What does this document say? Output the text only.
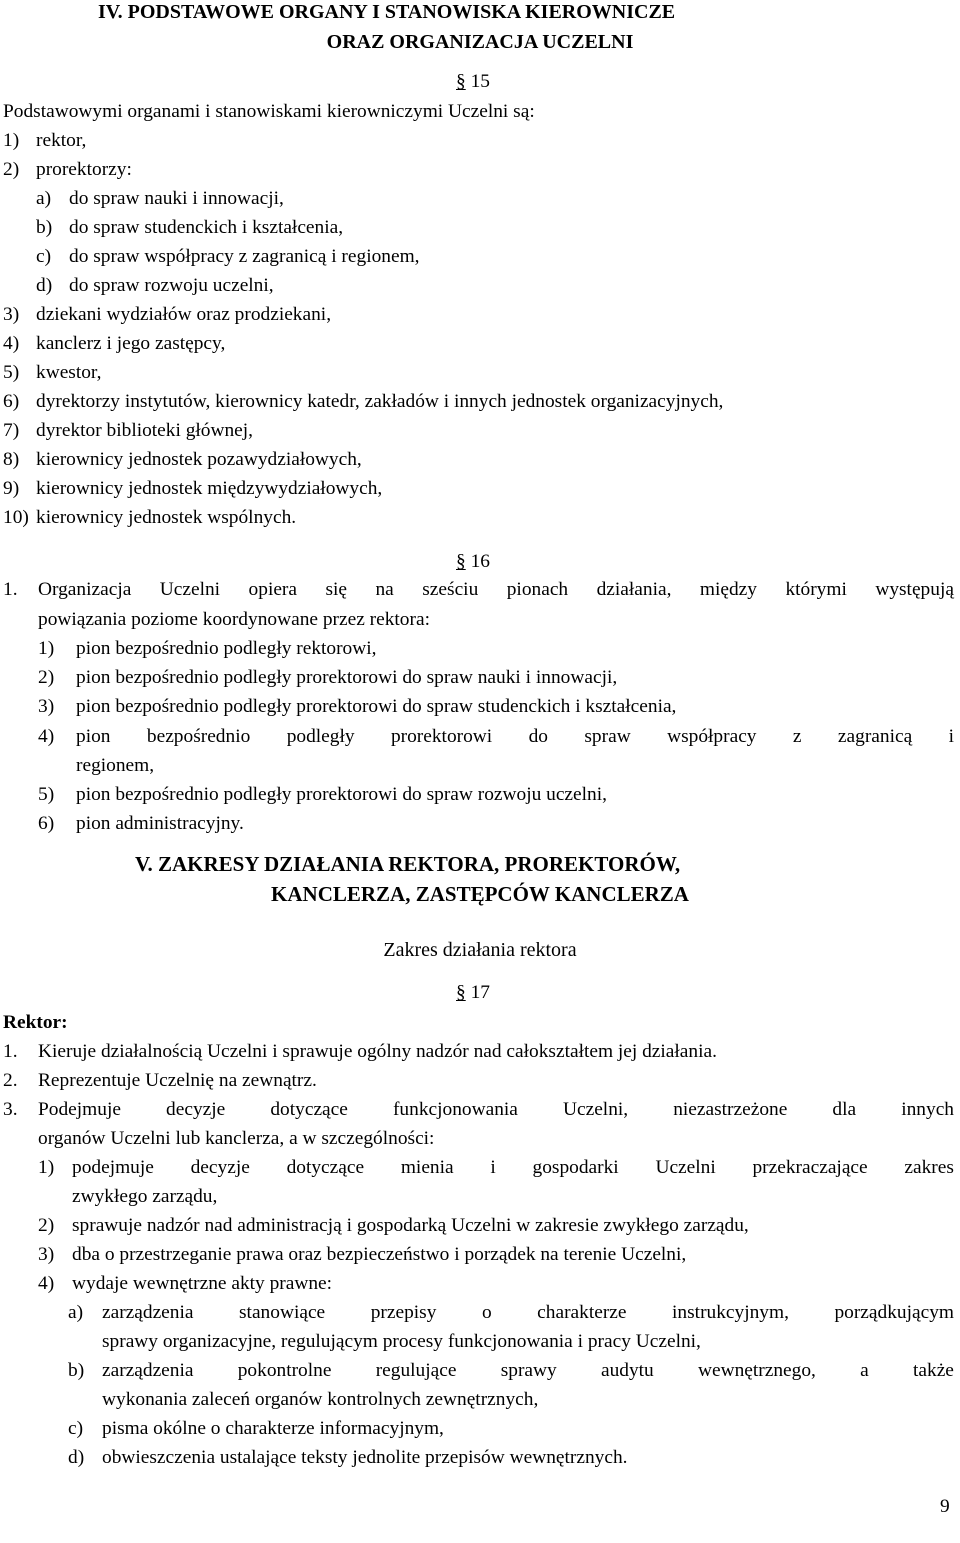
IV. PODSTAWOWE ORGANY I STANOWISKA KIEROWNICZE
ORAZ ORGANIZACJA UCZELNI
§ 15
Podstawowymi organami i stanowiskami kierowniczymi Uczelni są:
1) rektor,
2) prorektorzy:
a) do spraw nauki i innowacji,
b) do spraw studenckich i kształcenia,
c) do spraw współpracy z zagranicą i regionem,
d) do spraw rozwoju uczelni,
3) dziekani wydziałów oraz prodziekani,
4) kanclerz i jego zastępcy,
5) kwestor,
6) dyrektorzy instytutów, kierownicy katedr, zakładów i innych jednostek organizacyjnych,
7) dyrektor biblioteki głównej,
8) kierownicy jednostek pozawydziałowych,
9) kierownicy jednostek międzywydziałowych,
10) kierownicy jednostek wspólnych.
§ 16
1. Organizacja Uczelni opiera się na sześciu pionach działania, między którymi występują
powiązania poziome koordynowane przez rektora:
1) pion bezpośrednio podległy rektorowi,
2) pion bezpośrednio podległy prorektorowi do spraw nauki i innowacji,
3) pion bezpośrednio podległy prorektorowi do spraw studenckich i kształcenia,
4) pion bezpośrednio podległy prorektorowi do spraw współpracy z zagranicą i
regionem,
5) pion bezpośrednio podległy prorektorowi do spraw rozwoju uczelni,
6) pion administracyjny.
V. ZAKRESY DZIAŁANIA REKTORA, PROREKTORÓW,
KANCLERZA, ZASTĘPCÓW KANCLERZA
Zakres działania rektora
§ 17
Rektor:
1. Kieruje działalnością Uczelni i sprawuje ogólny nadzór nad całokształtem jej działania.
2. Reprezentuje Uczelnię na zewnątrz.
3. Podejmuje decyzje dotyczące funkcjonowania Uczelni, niezastrzeżone dla innych
organów Uczelni lub kanclerza, a w szczególności:
1) podejmuje decyzje dotyczące mienia i gospodarki Uczelni przekraczające zakres
zwykłego zarządu,
2) sprawuje nadzór nad administracją i gospodarką Uczelni w zakresie zwykłego zarządu,
3) dba o przestrzeganie prawa oraz bezpieczeństwo i porządek na terenie Uczelni,
4) wydaje wewnętrzne akty prawne:
a) zarządzenia stanowiące przepisy o charakterze instrukcyjnym, porządkującym
sprawy organizacyjne, regulującym procesy funkcjonowania i pracy Uczelni,
b) zarządzenia pokontrolne regulujące sprawy audytu wewnętrznego, a także
wykonania zaleceń organów kontrolnych zewnętrznych,
c) pisma okólne o charakterze informacyjnym,
d) obwieszczenia ustalające teksty jednolite przepisów wewnętrznych.
9
